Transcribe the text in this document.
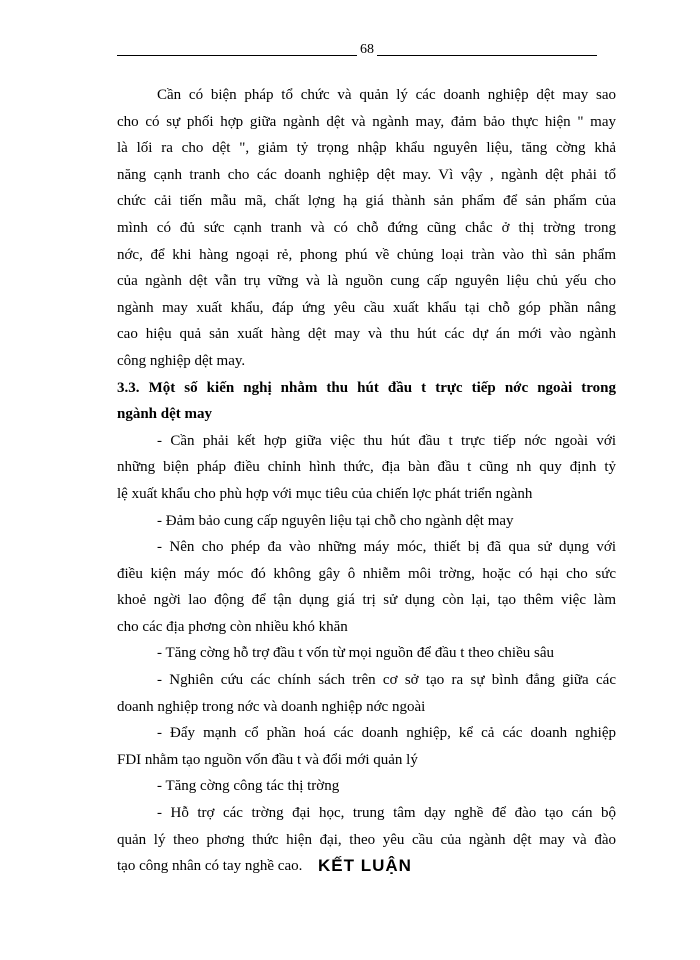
68

Cần có biện pháp tổ chức và quản lý các doanh nghiệp dệt may sao

cho có sự phối hợp giữa ngành dệt và ngành may, đảm bảo thực hiện " may

là lối ra cho dệt ", giảm tỷ trọng nhập khẩu nguyên liệu, tăng cờng khả

năng cạnh tranh cho các doanh nghiệp dệt may. Vì vậy , ngành dệt phải tổ

chức cải tiến mẫu mã, chất lợng hạ giá thành sản phẩm để sản phẩm của

mình có đủ sức cạnh tranh và có chỗ đứng cũng chắc ở thị trờng trong

nớc, để khi hàng ngoại rẻ, phong phú về chủng loại tràn vào thì sản phẩm

của ngành dệt vẫn trụ vững và là nguồn cung cấp nguyên liệu chủ yếu cho

ngành may xuất khẩu, đáp ứng yêu cầu xuất khẩu tại chỗ góp phần nâng

cao hiệu quả sản xuất hàng dệt may và thu hút các dự án mới vào ngành

công nghiệp dệt may.

3.3. Một số kiến nghị nhằm thu hút đầu t trực tiếp nớc ngoài trong

ngành dệt may

- Cần phải kết hợp giữa việc thu hút đầu t trực tiếp nớc ngoài với

những biện pháp điều chỉnh hình thức, địa bàn đầu t cũng nh quy định tỷ

lệ xuất khẩu cho phù hợp với mục tiêu của chiến lợc phát triển ngành

- Đảm bảo cung cấp nguyên liệu tại chỗ cho ngành dệt may

- Nên cho phép đa vào những máy móc, thiết bị đã qua sử dụng với

điều kiện máy móc đó không gây ô nhiễm môi trờng, hoặc có hại cho sức

khoẻ ngời lao động để tận dụng giá trị sử dụng còn lại, tạo thêm việc làm

cho các địa phơng còn nhiều khó khăn

- Tăng cờng hỗ trợ đầu t vốn từ mọi nguồn để đầu t theo chiều sâu

- Nghiên cứu các chính sách trên cơ sở tạo ra sự bình đẳng giữa các

doanh nghiệp trong nớc và doanh nghiệp nớc ngoài

- Đẩy mạnh cổ phần hoá các doanh nghiệp, kể cả các doanh nghiệp

FDI nhằm tạo nguồn vốn đầu t và đổi mới quản lý

- Tăng cờng công tác thị trờng

- Hỗ trợ các trờng đại học, trung tâm dạy nghề để đào tạo cán bộ

quản lý theo phơng thức hiện đại, theo yêu cầu của ngành dệt may và đào

tạo công nhân có tay nghề cao. KẾT LUẬN
